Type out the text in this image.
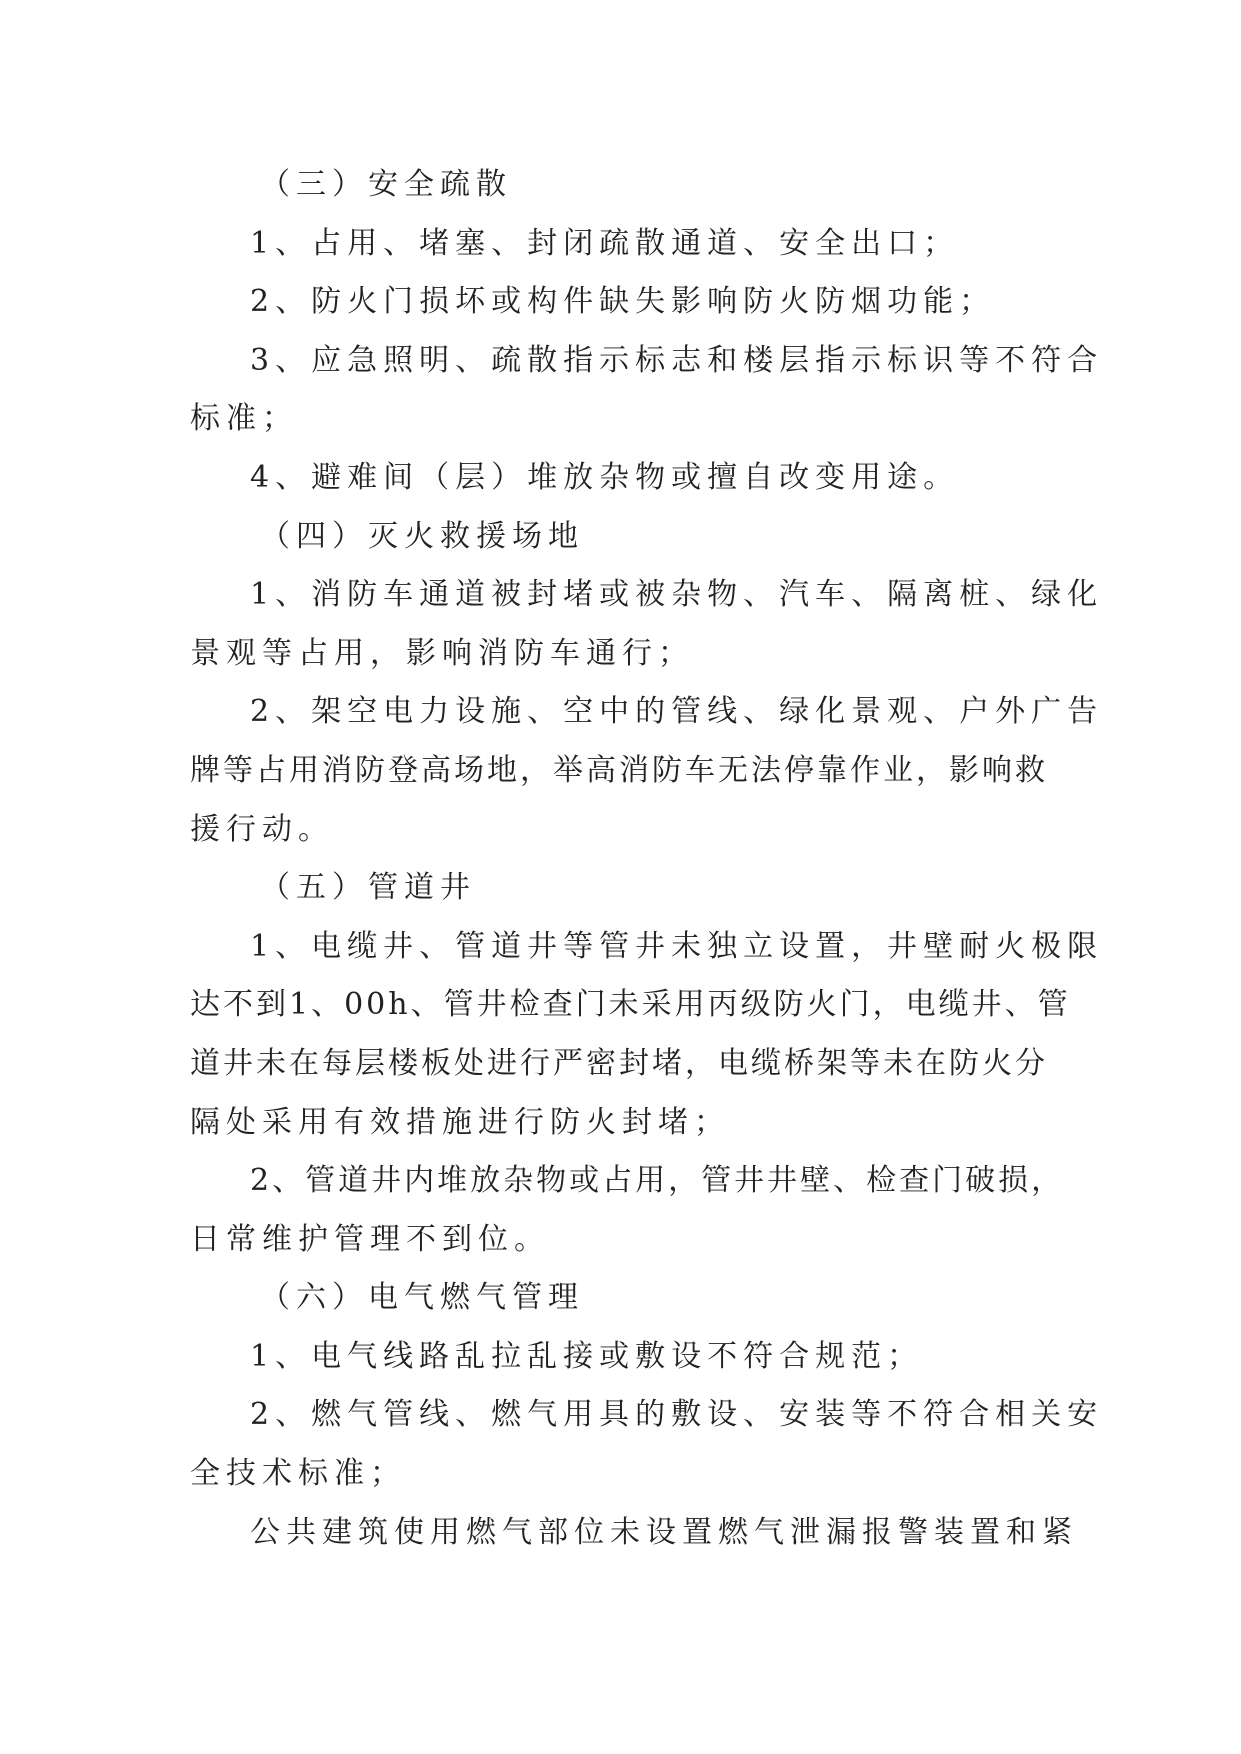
（三）安全疏散

1、占用、堵塞、封闭疏散通道、安全出口；

2、防火门损坏或构件缺失影响防火防烟功能；

3、应急照明、疏散指示标志和楼层指示标识等不符合

标准；

4、避难间（层）堆放杂物或擅自改变用途。

（四）灭火救援场地

1、消防车通道被封堵或被杂物、汽车、隔离桩、绿化

景观等占用，影响消防车通行；

2、架空电力设施、空中的管线、绿化景观、户外广告

牌等占用消防登高场地，举高消防车无法停靠作业，影响救

援行动。

（五）管道井

1、电缆井、管道井等管井未独立设置，井壁耐火极限

达不到1、00h、管井检查门未采用丙级防火门，电缆井、管

道井未在每层楼板处进行严密封堵，电缆桥架等未在防火分

隔处采用有效措施进行防火封堵；

2、管道井内堆放杂物或占用，管井井壁、检查门破损，

日常维护管理不到位。

（六）电气燃气管理

1、电气线路乱拉乱接或敷设不符合规范；

2、燃气管线、燃气用具的敷设、安装等不符合相关安

全技术标准；

公共建筑使用燃气部位未设置燃气泄漏报警装置和紧
